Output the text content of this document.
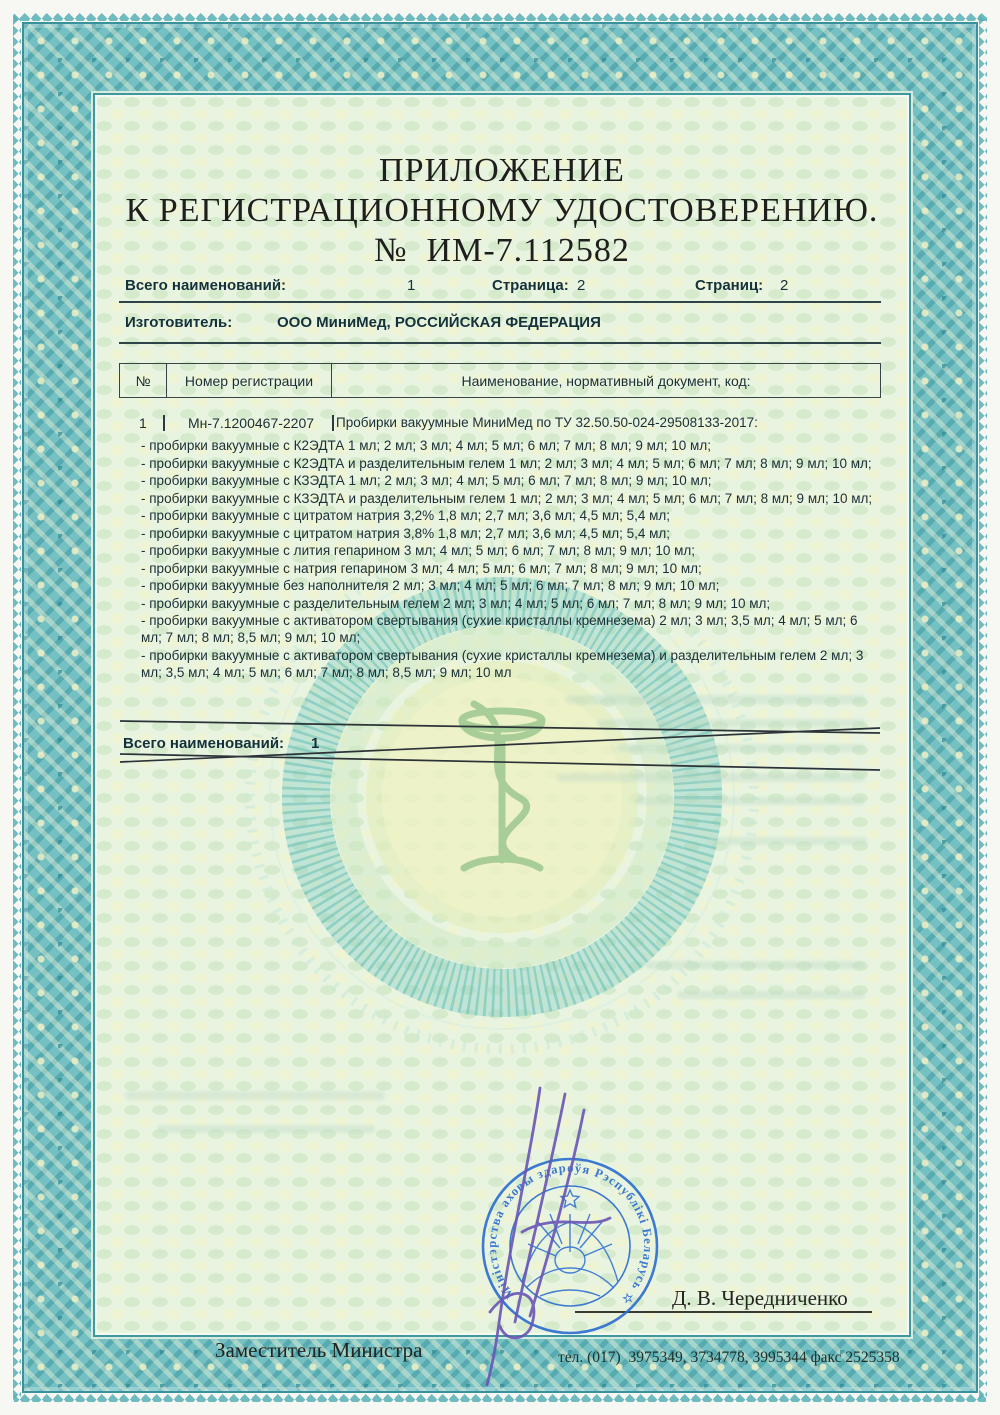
ПРИЛОЖЕНИЕ
К РЕГИСТРАЦИОННОМУ УДОСТОВЕРЕНИЮ.
№  ИМ-7.112582
Всего наименований:	1	Страница: 2	Страниц: 2
Изготовитель:	ООО МиниМед, РОССИЙСКАЯ ФЕДЕРАЦИЯ
№	Номер регистрации	Наименование, нормативный документ, код:
1	Мн-7.1200467-2207 Пробирки вакуумные МиниМед по ТУ 32.50.50-024-29508133-2017:
- пробирки вакуумные с К2ЭДТА 1 мл; 2 мл; 3 мл; 4 мл; 5 мл; 6 мл; 7 мл; 8 мл; 9 мл; 10 мл;
- пробирки вакуумные с К2ЭДТА и разделительным гелем 1 мл; 2 мл; 3 мл; 4 мл; 5 мл; 6 мл; 7 мл; 8 мл; 9 мл; 10 мл;
- пробирки вакуумные с КЗЭДТА 1 мл; 2 мл; 3 мл; 4 мл; 5 мл; 6 мл; 7 мл; 8 мл; 9 мл; 10 мл;
- пробирки вакуумные с КЗЭДТА и разделительным гелем 1 мл; 2 мл; 3 мл; 4 мл; 5 мл; 6 мл; 7 мл; 8 мл; 9 мл; 10 мл;
- пробирки вакуумные с цитратом натрия 3,2% 1,8 мл; 2,7 мл; 3,6 мл; 4,5 мл; 5,4 мл;
- пробирки вакуумные с цитратом натрия 3,8% 1,8 мл; 2,7 мл; 3,6 мл; 4,5 мл; 5,4 мл;
- пробирки вакуумные с лития гепарином 3 мл; 4 мл; 5 мл; 6 мл; 7 мл; 8 мл; 9 мл; 10 мл;
- пробирки вакуумные с натрия гепарином 3 мл; 4 мл; 5 мл; 6 мл; 7 мл; 8 мл; 9 мл; 10 мл;
- пробирки вакуумные без наполнителя 2 мл; 3 мл; 4 мл; 5 мл; 6 мл; 7 мл; 8 мл; 9 мл; 10 мл;
- пробирки вакуумные с разделительным гелем 2 мл; 3 мл; 4 мл; 5 мл; 6 мл; 7 мл; 8 мл; 9 мл; 10 мл;
- пробирки вакуумные с активатором свертывания (сухие кристаллы кремнезема) 2 мл; 3 мл; 3,5 мл; 4 мл; 5 мл; 6 мл; 7 мл; 8 мл; 8,5 мл; 9 мл; 10 мл;
- пробирки вакуумные с активатором свертывания (сухие кристаллы кремнезема) и разделительным гелем 2 мл; 3 мл; 3,5 мл; 4 мл; 5 мл; 6 мл; 7 мл; 8 мл; 8,5 мл; 9 мл; 10 мл
Всего наименований: 1
Заместитель Министра
Міністэрства аховы здароўя Рэспублікі Беларусь ☆	Д. В. Чередниченко
тел. (017)  3975349, 3734778, 3995344 факс 2525358
